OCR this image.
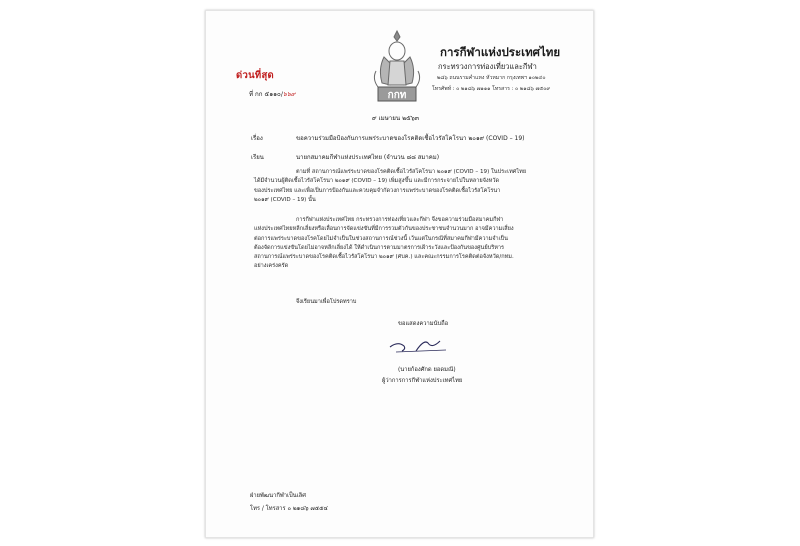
กกท
การกีฬาแห่งประเทศไทย
กระทรวงการท่องเที่ยวและกีฬา
๒๘๖ ถนนรามคำแหง หัวหมาก กรุงเทพฯ ๑๐๒๔๐
โทรศัพท์ : ๐ ๒๑๘๖ ๗๑๑๑ โทรสาร : ๐ ๒๑๘๖ ๗๕๐๙
ด่วนที่สุด
ที่ กก ๕๑๑๐/๖๖๙
๙ เมษายน ๒๕๖๓
เรื่อง	ขอความร่วมมือป้องกันการแพร่ระบาดของโรคติดเชื้อไวรัสโคโรนา ๒๐๑๙ (COVID – 19)
เรียน	นายกสมาคมกีฬาแห่งประเทศไทย (จำนวน ๘๘ สมาคม)
ตามที่ สถานการณ์แพร่ระบาดของโรคติดเชื้อไวรัสโคโรนา ๒๐๑๙ (COVID – 19) ในประเทศไทย
ได้มีจำนวนผู้ติดเชื้อไวรัสโคโรนา ๒๐๑๙ (COVID – 19) เพิ่มสูงขึ้น และมีการกระจายไปในหลายจังหวัด
ของประเทศไทย และเพื่อเป็นการป้องกันและควบคุมจำกัดวงการแพร่ระบาดของโรคติดเชื้อไวรัสโคโรนา
๒๐๑๙ (COVID – 19) นั้น
การกีฬาแห่งประเทศไทย กระทรวงการท่องเที่ยวและกีฬา จึงขอความร่วมมือสมาคมกีฬา
แห่งประเทศไทยหลีกเลี่ยงหรือเลื่อนการจัดแข่งขันที่มีการรวมตัวกันของประชาชนจำนวนมาก อาจมีความเสี่ยง
ต่อการแพร่ระบาดของโรคโดยไม่จำเป็นในช่วงสถานการณ์ช่วงนี้ เว้นแต่ในกรณีที่สมาคมกีฬามีความจำเป็น
ต้องจัดการแข่งขันโดยไม่อาจหลีกเลี่ยงได้ ให้ดำเนินการตามมาตรการเฝ้าระวังและป้องกันของศูนย์บริหาร
สถานการณ์แพร่ระบาดของโรคติดเชื้อไวรัสโคโรนา ๒๐๑๙ (ศบค.) และคณะกรรมการโรคติดต่อจังหวัด/กทม.
อย่างเคร่งครัด
จึงเรียนมาเพื่อโปรดทราบ
ขอแสดงความนับถือ
(นายก้องศักด ยอดมณี)
ผู้ว่าการการกีฬาแห่งประเทศไทย
ฝ่ายพัฒนากีฬาเป็นเลิศ
โทร / โทรสาร ๐ ๒๑๘๖ ๗๕๕๔
